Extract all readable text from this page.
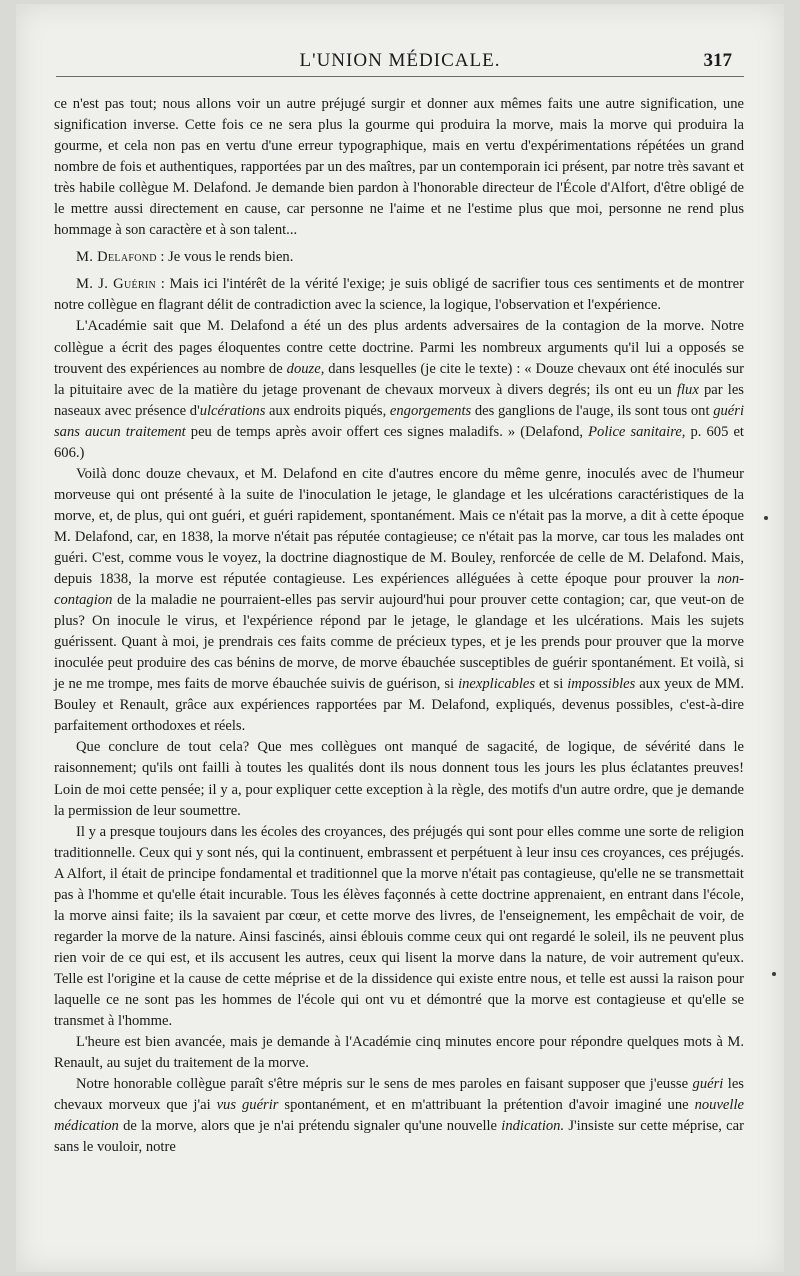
L'UNION MÉDICALE.	317

ce n'est pas tout; nous allons voir un autre préjugé surgir et donner aux mêmes faits une autre signification, une signification inverse. Cette fois ce ne sera plus la gourme qui produira la morve, mais la morve qui produira la gourme, et cela non pas en vertu d'une erreur typographique, mais en vertu d'expérimentations répétées un grand nombre de fois et authentiques, rapportées par un des maîtres, par un contemporain ici présent, par notre très savant et très habile collègue M. Delafond. Je demande bien pardon à l'honorable directeur de l'École d'Alfort, d'être obligé de le mettre aussi directement en cause, car personne ne l'aime et ne l'estime plus que moi, personne ne rend plus hommage à son caractère et à son talent...

M. Delafond : Je vous le rends bien.

M. J. Guérin : Mais ici l'intérêt de la vérité l'exige; je suis obligé de sacrifier tous ces sentiments et de montrer notre collègue en flagrant délit de contradiction avec la science, la logique, l'observation et l'expérience.

L'Académie sait que M. Delafond a été un des plus ardents adversaires de la contagion de la morve. Notre collègue a écrit des pages éloquentes contre cette doctrine. Parmi les nombreux arguments qu'il lui a opposés se trouvent des expériences au nombre de douze, dans lesquelles (je cite le texte) : « Douze chevaux ont été inoculés sur la pituitaire avec de la matière du jetage provenant de chevaux morveux à divers degrés; ils ont eu un flux par les naseaux avec présence d'ulcérations aux endroits piqués, engorgements des ganglions de l'auge, ils sont tous ont guéri sans aucun traitement peu de temps après avoir offert ces signes maladifs. » (Delafond, Police sanitaire, p. 605 et 606.)

Voilà donc douze chevaux, et M. Delafond en cite d'autres encore du même genre, inoculés avec de l'humeur morveuse qui ont présenté à la suite de l'inoculation le jetage, le glandage et les ulcérations caractéristiques de la morve, et, de plus, qui ont guéri, et guéri rapidement, spontanément. Mais ce n'était pas la morve, a dit à cette époque M. Delafond, car, en 1838, la morve n'était pas réputée contagieuse; ce n'était pas la morve, car tous les malades ont guéri. C'est, comme vous le voyez, la doctrine diagnostique de M. Bouley, renforcée de celle de M. Delafond. Mais, depuis 1838, la morve est réputée contagieuse. Les expériences alléguées à cette époque pour prouver la non-contagion de la maladie ne pourraient-elles pas servir aujourd'hui pour prouver cette contagion; car, que veut-on de plus? On inocule le virus, et l'expérience répond par le jetage, le glandage et les ulcérations. Mais les sujets guérissent. Quant à moi, je prendrais ces faits comme de précieux types, et je les prends pour prouver que la morve inoculée peut produire des cas bénins de morve, de morve ébauchée susceptibles de guérir spontanément. Et voilà, si je ne me trompe, mes faits de morve ébauchée suivis de guérison, si inexplicables et si impossibles aux yeux de MM. Bouley et Renault, grâce aux expériences rapportées par M. Delafond, expliqués, devenus possibles, c'est-à-dire parfaitement orthodoxes et réels.

Que conclure de tout cela? Que mes collègues ont manqué de sagacité, de logique, de sévérité dans le raisonnement; qu'ils ont failli à toutes les qualités dont ils nous donnent tous les jours les plus éclatantes preuves! Loin de moi cette pensée; il y a, pour expliquer cette exception à la règle, des motifs d'un autre ordre, que je demande la permission de leur soumettre.

Il y a presque toujours dans les écoles des croyances, des préjugés qui sont pour elles comme une sorte de religion traditionnelle. Ceux qui y sont nés, qui la continuent, embrassent et perpétuent à leur insu ces croyances, ces préjugés. A Alfort, il était de principe fondamental et traditionnel que la morve n'était pas contagieuse, qu'elle ne se transmettait pas à l'homme et qu'elle était incurable. Tous les élèves façonnés à cette doctrine apprenaient, en entrant dans l'école, la morve ainsi faite; ils la savaient par cœur, et cette morve des livres, de l'enseignement, les empêchait de voir, de regarder la morve de la nature. Ainsi fascinés, ainsi éblouis comme ceux qui ont regardé le soleil, ils ne peuvent plus rien voir de ce qui est, et ils accusent les autres, ceux qui lisent la morve dans la nature, de voir autrement qu'eux. Telle est l'origine et la cause de cette méprise et de la dissidence qui existe entre nous, et telle est aussi la raison pour laquelle ce ne sont pas les hommes de l'école qui ont vu et démontré que la morve est contagieuse et qu'elle se transmet à l'homme.

L'heure est bien avancée, mais je demande à l'Académie cinq minutes encore pour répondre quelques mots à M. Renault, au sujet du traitement de la morve.

Notre honorable collègue paraît s'être mépris sur le sens de mes paroles en faisant supposer que j'eusse guéri les chevaux morveux que j'ai vus guérir spontanément, et en m'attribuant la prétention d'avoir imaginé une nouvelle médication de la morve, alors que je n'ai prétendu signaler qu'une nouvelle indication. J'insiste sur cette méprise, car sans le vouloir, notre
